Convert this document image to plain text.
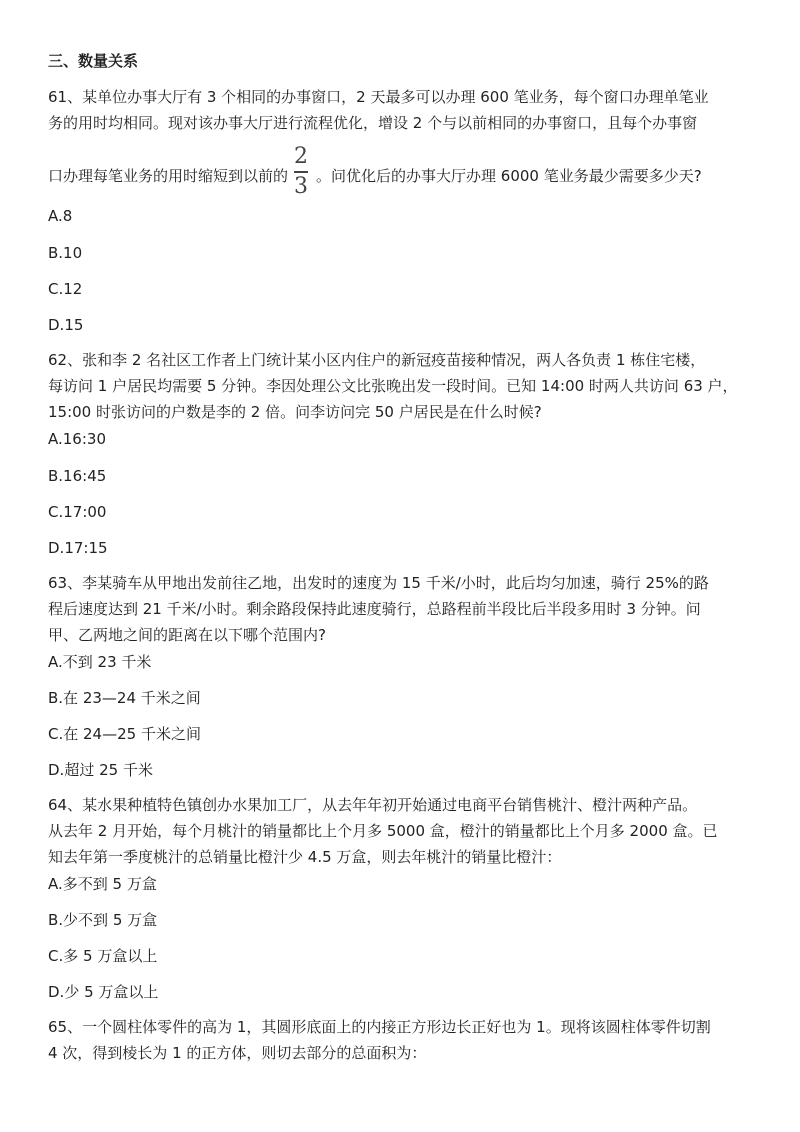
三、数量关系
61、某单位办事大厅有 3 个相同的办事窗口，2 天最多可以办理 600 笔业务，每个窗口办理单笔业
务的用时均相同。现对该办事大厅进行流程优化，增设 2 个与以前相同的办事窗口，且每个办事窗
口办理每笔业务的用时缩短到以前的 $\frac{2}{3}$ 。问优化后的办事大厅办理 6000 笔业务最少需要多少天?
A.8
B.10
C.12
D.15
62、张和李 2 名社区工作者上门统计某小区内住户的新冠疫苗接种情况，两人各负责 1 栋住宅楼，
每访问 1 户居民均需要 5 分钟。李因处理公文比张晚出发一段时间。已知 14:00 时两人共访问 63 户，
15:00 时张访问的户数是李的 2 倍。问李访问完 50 户居民是在什么时候?
A.16:30
B.16:45
C.17:00
D.17:15
63、李某骑车从甲地出发前往乙地，出发时的速度为 15 千米/小时，此后均匀加速，骑行 25%的路
程后速度达到 21 千米/小时。剩余路段保持此速度骑行，总路程前半段比后半段多用时 3 分钟。问
甲、乙两地之间的距离在以下哪个范围内?
A.不到 23 千米
B.在 23—24 千米之间
C.在 24—25 千米之间
D.超过 25 千米
64、某水果种植特色镇创办水果加工厂，从去年年初开始通过电商平台销售桃汁、橙汁两种产品。
从去年 2 月开始，每个月桃汁的销量都比上个月多 5000 盒，橙汁的销量都比上个月多 2000 盒。已
知去年第一季度桃汁的总销量比橙汁少 4.5 万盒，则去年桃汁的销量比橙汁：
A.多不到 5 万盒
B.少不到 5 万盒
C.多 5 万盒以上
D.少 5 万盒以上
65、一个圆柱体零件的高为 1，其圆形底面上的内接正方形边长正好也为 1。现将该圆柱体零件切割
4 次，得到棱长为 1 的正方体，则切去部分的总面积为：
